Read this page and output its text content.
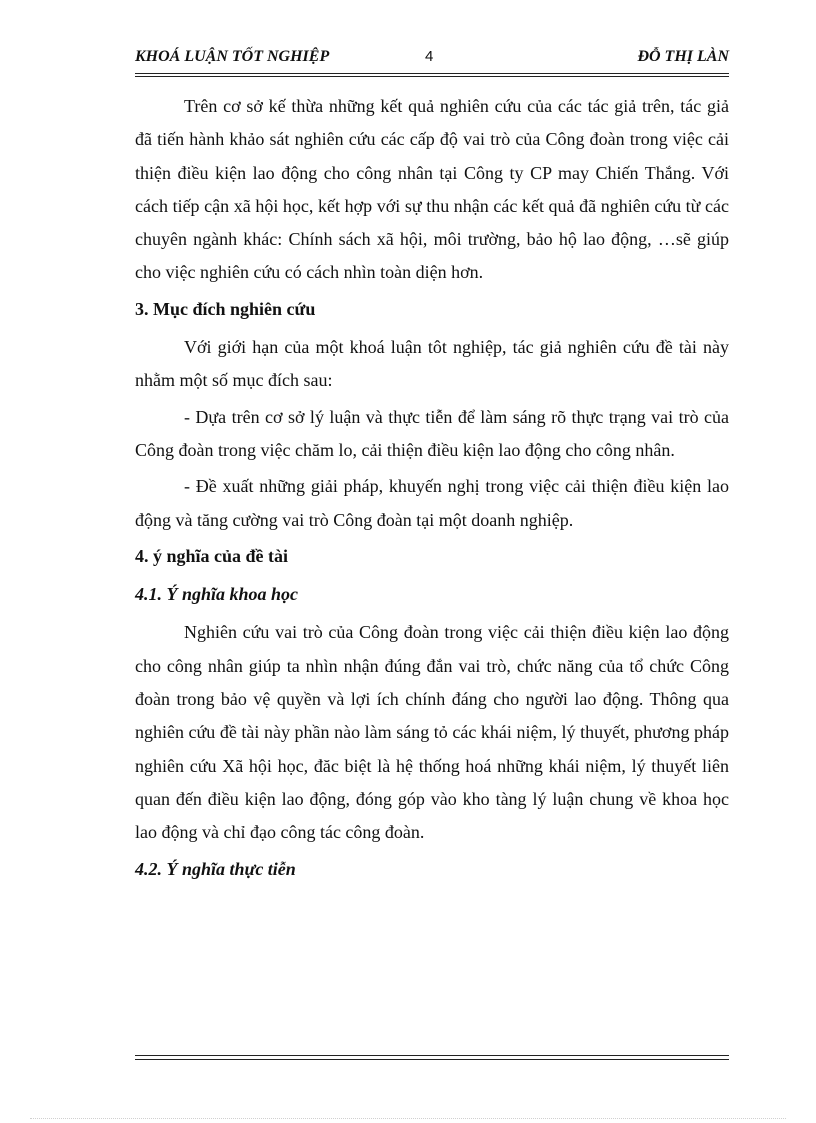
KHOÁ LUẬN TỐT NGHIỆP	4	ĐỖ THỊ LÀN

Trên cơ sở kế thừa những kết quả nghiên cứu của các tác giả trên, tác giả đã tiến hành khảo sát nghiên cứu các cấp độ vai trò của Công đoàn trong việc cải thiện điều kiện lao động cho công nhân tại Công ty CP may Chiến Thắng. Với cách tiếp cận xã hội học, kết hợp với sự thu nhận các kết quả đã nghiên cứu từ các chuyên ngành khác: Chính sách xã hội, môi trường, bảo hộ lao động, …sẽ giúp cho việc nghiên cứu có cách nhìn toàn diện hơn.

3. Mục đích nghiên cứu

Với giới hạn của một khoá luận tôt nghiệp, tác giả nghiên cứu đề tài này nhằm một số mục đích sau:

- Dựa trên cơ sở lý luận và thực tiễn để làm sáng rõ thực trạng vai trò của Công đoàn trong việc chăm lo, cải thiện điều kiện lao động cho công nhân.

- Đề xuất những giải pháp, khuyến nghị trong việc cải thiện điều kiện lao động và tăng cường vai trò Công đoàn tại một doanh nghiệp.

4. ý nghĩa của đề tài

4.1. Ý nghĩa khoa học

Nghiên cứu vai trò của Công đoàn trong việc cải thiện điều kiện lao động cho công nhân giúp ta nhìn nhận đúng đắn vai trò, chức năng của tổ chức Công đoàn trong bảo vệ quyền và lợi ích chính đáng cho người lao động. Thông qua nghiên cứu đề tài này phần nào làm sáng tỏ các khái niệm, lý thuyết, phương pháp nghiên cứu Xã hội học, đăc biệt là hệ thống hoá những khái niệm, lý thuyết liên quan đến điều kiện lao động, đóng góp vào kho tàng lý luận chung về khoa học lao động và chỉ đạo công tác công đoàn.

4.2. Ý nghĩa thực tiễn
